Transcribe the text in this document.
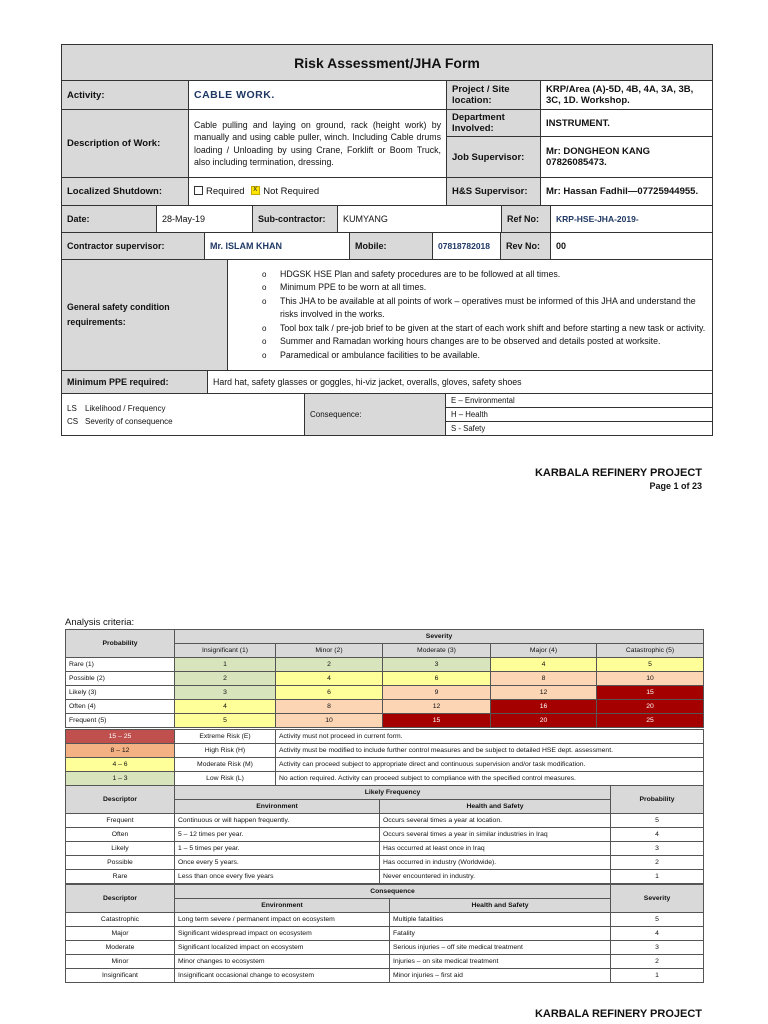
Risk Assessment/JHA Form			
Activity:	CABLE WORK.	Project / Site location:	KRP/Area (A)-5D, 4B, 4A, 3A, 3B, 3C, 1D. Workshop.
Description of Work:	Cable pulling and laying on ground, rack (height work) by manually and using cable puller, winch. Including Cable drums loading / Unloading by using Crane, Forklift or Boom Truck, also including termination, dressing.	Department Involved:	INSTRUMENT.
		Job Supervisor:	Mr: DONGHEON KANG 07826085473.
Localized Shutdown:	Required x Not Required	H&S Supervisor:	Mr: Hassan Fadhil—07725944955.
Date:	28-May-19	Sub-contractor:	KUMYANG	Ref No:	KRP-HSE-JHA-2019-
Contractor supervisor:	Mr. ISLAM KHAN	Mobile:	07818782018	Rev No:	00
General safety condition requirements:	
o HDGSK HSE Plan and safety procedures are to be followed at all times.
o Minimum PPE to be worn at all times.
o This JHA to be available at all points of work – operatives must be informed of this JHA and understand the risks involved in the works.
o Tool box talk / pre-job brief to be given at the start of each work shift and before starting a new task or activity.
o Summer and Ramadan working hours changes are to be observed and details posted at worksite.
o Paramedical or ambulance facilities to be available.
Minimum PPE required:	Hard hat, safety glasses or goggles, hi-viz jacket, overalls, gloves, safety shoes
LS Likelihood / Frequency
CS Severity of consequence
	Consequence:	E – Environmental
H – Health
S - Safety
KARBALA REFINERY PROJECT
Page 1 of 23
Analysis criteria:
Probability	Severity				
	Insignificant (1)	Minor (2)	Moderate (3)	Major (4)	Catastrophic (5)
Rare (1)	1	2	3	4	5
Possible (2)	2	4	6	8	10
Likely (3)	3	6	9	12	15
Often (4)	4	8	12	16	20
Frequent (5)	5	10	15	20	25
15 – 25	Extreme Risk (E)	Activity must not proceed in current form.
8 – 12	High Risk (H)	Activity must be modified to include further control measures and be subject to detailed HSE dept. assessment.
4 – 6	Moderate Risk (M)	Activity can proceed subject to appropriate direct and continuous supervision and/or task modification.
1 – 3	Low Risk (L)	No action required. Activity can proceed subject to compliance with the specified control measures.
Descriptor	Likely Frequency		Probability
	Environment	Health and Safety	
Frequent	Continuous or will happen frequently.	Occurs several times a year at location.	5
Often	5 – 12 times per year.	Occurs several times a year in similar industries in Iraq	4
Likely	1 – 5 times per year.	Has occurred at least once in Iraq	3
Possible	Once every 5 years.	Has occurred in industry (Worldwide).	2
Rare	Less than once every five years	Never encountered in industry.	1
Descriptor	Consequence		Severity
	Environment	Health and Safety	
Catastrophic	Long term severe / permanent impact on ecosystem	Multiple fatalities	5
Major	Significant widespread impact on ecosystem	Fatality	4
Moderate	Significant localized impact on ecosystem	Serious injuries – off site medical treatment	3
Minor	Minor changes to ecosystem	Injuries – on site medical treatment	2
Insignificant	Insignificant occasional change to ecosystem	Minor injuries – first aid	1
KARBALA REFINERY PROJECT
